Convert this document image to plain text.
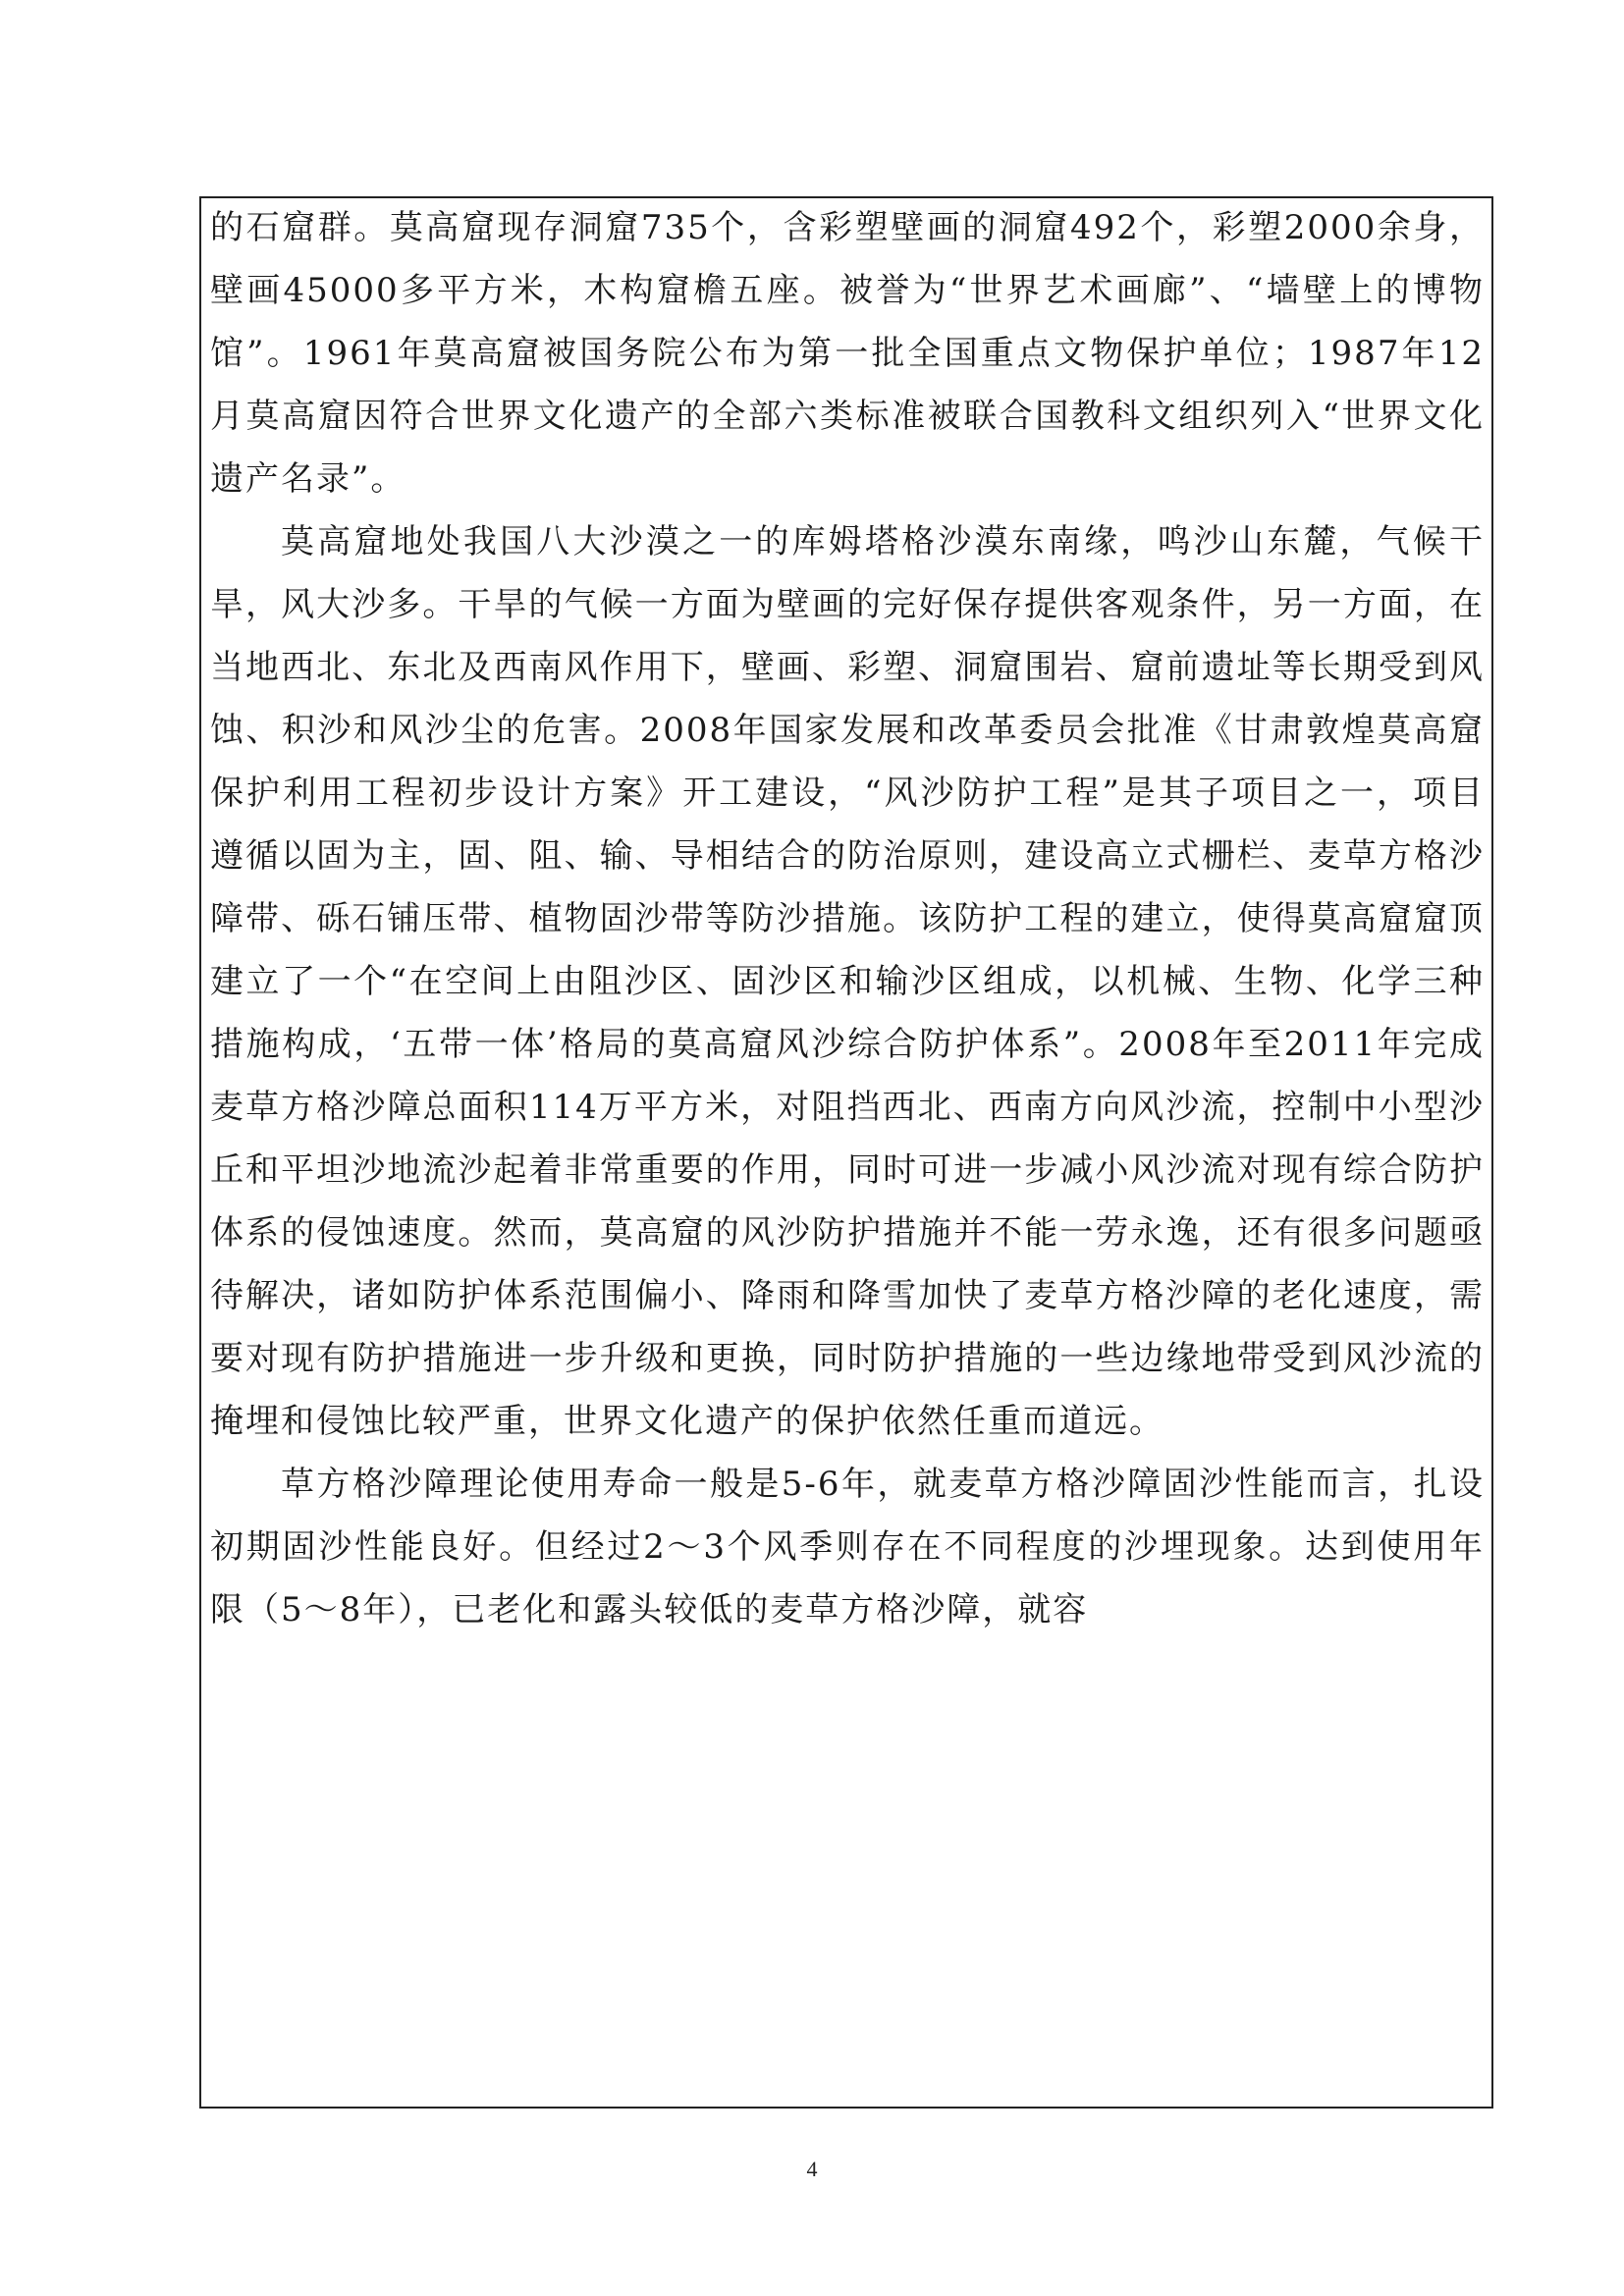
的石窟群。莫高窟现存洞窟735个，含彩塑壁画的洞窟492个，彩塑2000余身，壁画45000多平方米，木构窟檐五座。被誉为“世界艺术画廊”、“墙壁上的博物馆”。1961年莫高窟被国务院公布为第一批全国重点文物保护单位；1987年12月莫高窟因符合世界文化遗产的全部六类标准被联合国教科文组织列入“世界文化遗产名录”。

莫高窟地处我国八大沙漠之一的库姆塔格沙漠东南缘，鸣沙山东麓，气候干旱，风大沙多。干旱的气候一方面为壁画的完好保存提供客观条件，另一方面，在当地西北、东北及西南风作用下，壁画、彩塑、洞窟围岩、窟前遗址等长期受到风蚀、积沙和风沙尘的危害。2008年国家发展和改革委员会批准《甘肃敦煌莫高窟保护利用工程初步设计方案》开工建设，“风沙防护工程”是其子项目之一，项目遵循以固为主，固、阻、输、导相结合的防治原则，建设高立式栅栏、麦草方格沙障带、砾石铺压带、植物固沙带等防沙措施。该防护工程的建立，使得莫高窟窟顶建立了一个“在空间上由阻沙区、固沙区和输沙区组成，以机械、生物、化学三种措施构成，‘五带一体’格局的莫高窟风沙综合防护体系”。2008年至2011年完成麦草方格沙障总面积114万平方米，对阻挡西北、西南方向风沙流，控制中小型沙丘和平坦沙地流沙起着非常重要的作用，同时可进一步减小风沙流对现有综合防护体系的侵蚀速度。然而，莫高窟的风沙防护措施并不能一劳永逸，还有很多问题亟待解决，诸如防护体系范围偏小、降雨和降雪加快了麦草方格沙障的老化速度，需要对现有防护措施进一步升级和更换，同时防护措施的一些边缘地带受到风沙流的掩埋和侵蚀比较严重，世界文化遗产的保护依然任重而道远。

草方格沙障理论使用寿命一般是5-6年，就麦草方格沙障固沙性能而言，扎设初期固沙性能良好。但经过2～3个风季则存在不同程度的沙埋现象。达到使用年限（5～8年），已老化和露头较低的麦草方格沙障，就容

4
